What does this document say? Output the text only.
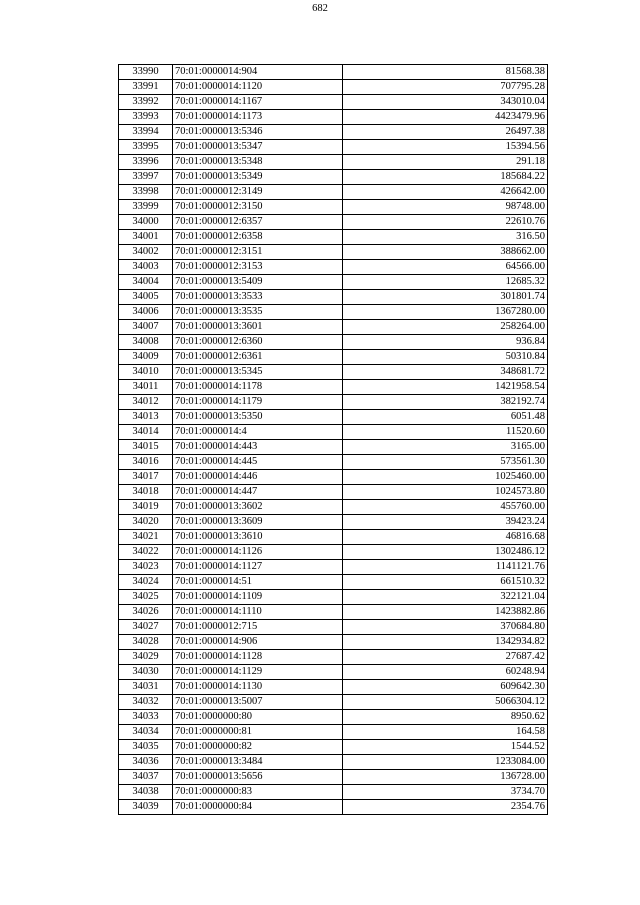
682
33990	70:01:0000014:904	81568.38
33991	70:01:0000014:1120	707795.28
33992	70:01:0000014:1167	343010.04
33993	70:01:0000014:1173	4423479.96
33994	70:01:0000013:5346	26497.38
33995	70:01:0000013:5347	15394.56
33996	70:01:0000013:5348	291.18
33997	70:01:0000013:5349	185684.22
33998	70:01:0000012:3149	426642.00
33999	70:01:0000012:3150	98748.00
34000	70:01:0000012:6357	22610.76
34001	70:01:0000012:6358	316.50
34002	70:01:0000012:3151	388662.00
34003	70:01:0000012:3153	64566.00
34004	70:01:0000013:5409	12685.32
34005	70:01:0000013:3533	301801.74
34006	70:01:0000013:3535	1367280.00
34007	70:01:0000013:3601	258264.00
34008	70:01:0000012:6360	936.84
34009	70:01:0000012:6361	50310.84
34010	70:01:0000013:5345	348681.72
34011	70:01:0000014:1178	1421958.54
34012	70:01:0000014:1179	382192.74
34013	70:01:0000013:5350	6051.48
34014	70:01:0000014:4	11520.60
34015	70:01:0000014:443	3165.00
34016	70:01:0000014:445	573561.30
34017	70:01:0000014:446	1025460.00
34018	70:01:0000014:447	1024573.80
34019	70:01:0000013:3602	455760.00
34020	70:01:0000013:3609	39423.24
34021	70:01:0000013:3610	46816.68
34022	70:01:0000014:1126	1302486.12
34023	70:01:0000014:1127	1141121.76
34024	70:01:0000014:51	661510.32
34025	70:01:0000014:1109	322121.04
34026	70:01:0000014:1110	1423882.86
34027	70:01:0000012:715	370684.80
34028	70:01:0000014:906	1342934.82
34029	70:01:0000014:1128	27687.42
34030	70:01:0000014:1129	60248.94
34031	70:01:0000014:1130	609642.30
34032	70:01:0000013:5007	5066304.12
34033	70:01:0000000:80	8950.62
34034	70:01:0000000:81	164.58
34035	70:01:0000000:82	1544.52
34036	70:01:0000013:3484	1233084.00
34037	70:01:0000013:5656	136728.00
34038	70:01:0000000:83	3734.70
34039	70:01:0000000:84	2354.76
